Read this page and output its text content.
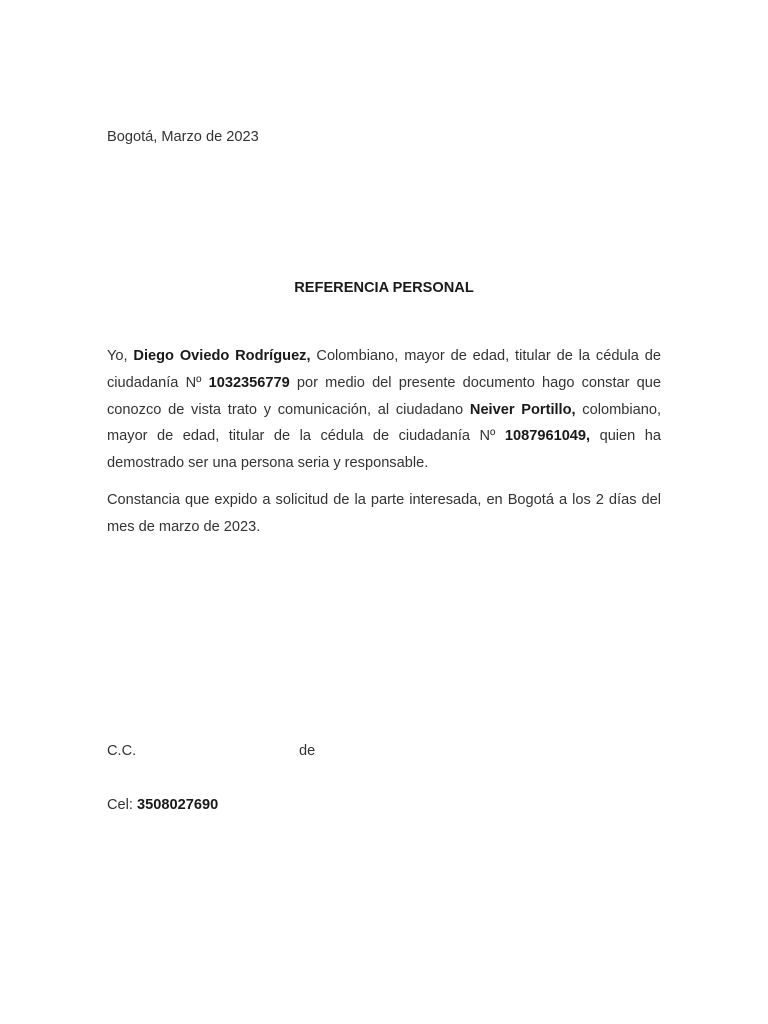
Bogotá, Marzo de 2023
REFERENCIA PERSONAL

Yo, Diego Oviedo Rodríguez, Colombiano, mayor de edad, titular de la cédula de ciudadanía Nº 1032356779 por medio del presente documento hago constar que conozco de vista trato y comunicación, al ciudadano Neiver Portillo, colombiano, mayor de edad, titular de la cédula de ciudadanía Nº 1087961049, quien ha demostrado ser una persona seria y responsable.

Constancia que expido a solicitud de la parte interesada, en Bogotá a los 2 días del mes de marzo de 2023.

C.C.	de
Cel: 3508027690
